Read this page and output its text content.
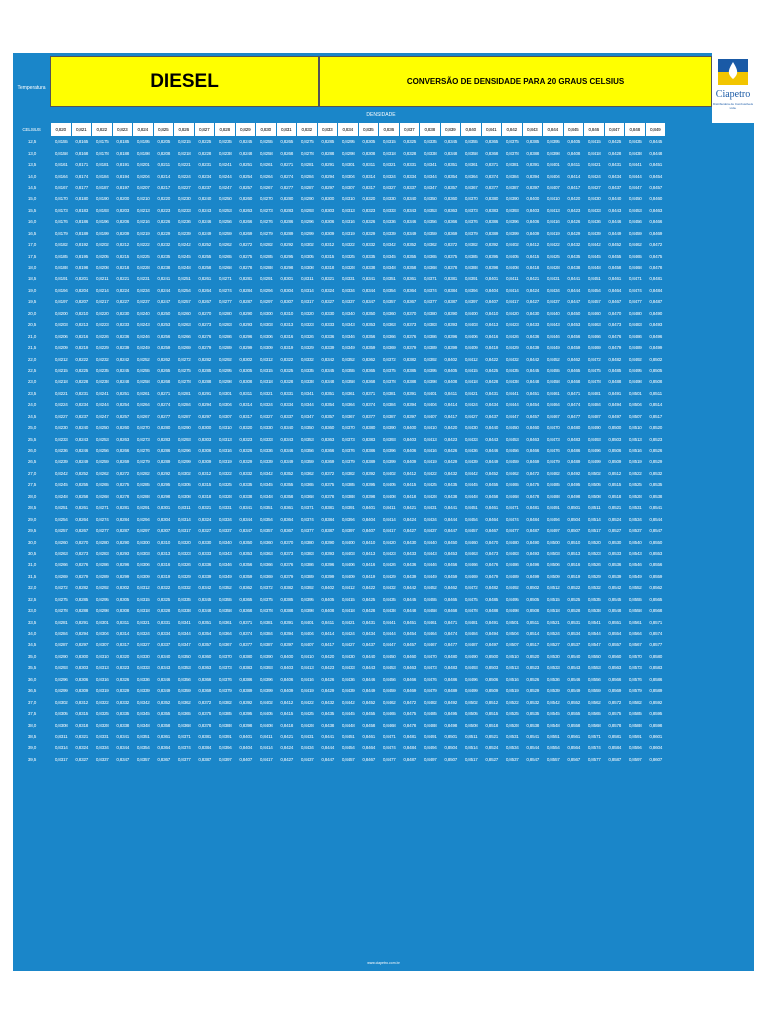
Temperatura	DIESEL	CONVERSÃO DE DENSIDADE PARA 20 GRAUS CELSIUS
Ciapetro
Distribuidora de Combustíveis Ltda.
DENSIDADE
CELSIUS	0,820	0,821	0,822	0,823	0,824	0,825	0,826	0,827	0,828	0,829	0,830	0,831	0,832	0,833	0,834	0,835	0,836	0,837	0,838	0,839	0,840	0,841	0,842	0,843	0,844	0,845	0,846	0,847	0,848	0,849
12,5	0,8155	0,8165	0,8175	0,8185	0,8195	0,8205	0,8215	0,8225	0,8235	0,8245	0,8255	0,8265	0,8275	0,8285	0,8295	0,8305	0,8315	0,8325	0,8335	0,8345	0,8355	0,8365	0,8375	0,8385	0,8395	0,8405	0,8415	0,8425	0,8435	0,8445
13,0	0,8158	0,8168	0,8178	0,8188	0,8198	0,8208	0,8218	0,8228	0,8238	0,8248	0,8258	0,8268	0,8278	0,8288	0,8298	0,8308	0,8318	0,8328	0,8338	0,8348	0,8358	0,8368	0,8378	0,8388	0,8398	0,8408	0,8418	0,8428	0,8438	0,8448
13,5	0,8161	0,8171	0,8181	0,8191	0,8201	0,8211	0,8221	0,8231	0,8241	0,8251	0,8261	0,8271	0,8281	0,8291	0,8301	0,8311	0,8321	0,8331	0,8341	0,8351	0,8361	0,8371	0,8381	0,8391	0,8401	0,8411	0,8421	0,8431	0,8441	0,8451
14,0	0,8164	0,8174	0,8184	0,8194	0,8204	0,8214	0,8224	0,8234	0,8244	0,8254	0,8264	0,8274	0,8284	0,8294	0,8304	0,8314	0,8324	0,8334	0,8344	0,8354	0,8364	0,8374	0,8384	0,8394	0,8404	0,8414	0,8424	0,8434	0,8444	0,8454
14,5	0,8167	0,8177	0,8187	0,8197	0,8207	0,8217	0,8227	0,8237	0,8247	0,8257	0,8267	0,8277	0,8287	0,8297	0,8307	0,8317	0,8327	0,8337	0,8347	0,8357	0,8367	0,8377	0,8387	0,8397	0,8407	0,8417	0,8427	0,8437	0,8447	0,8457
15,0	0,8170	0,8180	0,8190	0,8200	0,8210	0,8220	0,8230	0,8240	0,8250	0,8260	0,8270	0,8280	0,8290	0,8300	0,8310	0,8320	0,8330	0,8340	0,8350	0,8360	0,8370	0,8380	0,8390	0,8400	0,8410	0,8420	0,8430	0,8440	0,8450	0,8460
15,5	0,8173	0,8183	0,8193	0,8203	0,8213	0,8223	0,8233	0,8243	0,8253	0,8263	0,8273	0,8283	0,8293	0,8303	0,8313	0,8323	0,8333	0,8343	0,8353	0,8363	0,8373	0,8383	0,8393	0,8403	0,8413	0,8423	0,8433	0,8443	0,8453	0,8463
16,0	0,8176	0,8186	0,8196	0,8206	0,8216	0,8226	0,8236	0,8246	0,8256	0,8266	0,8276	0,8286	0,8296	0,8306	0,8316	0,8326	0,8336	0,8346	0,8356	0,8366	0,8376	0,8386	0,8396	0,8406	0,8416	0,8426	0,8436	0,8446	0,8456	0,8466
16,5	0,8179	0,8189	0,8199	0,8209	0,8219	0,8229	0,8239	0,8249	0,8259	0,8269	0,8279	0,8289	0,8299	0,8309	0,8319	0,8329	0,8339	0,8349	0,8359	0,8369	0,8379	0,8389	0,8399	0,8409	0,8419	0,8429	0,8439	0,8449	0,8459	0,8469
17,0	0,8182	0,8192	0,8202	0,8212	0,8222	0,8232	0,8242	0,8252	0,8262	0,8272	0,8282	0,8292	0,8302	0,8312	0,8322	0,8332	0,8342	0,8352	0,8362	0,8372	0,8382	0,8392	0,8402	0,8412	0,8422	0,8432	0,8442	0,8452	0,8462	0,8472
17,5	0,8185	0,8195	0,8205	0,8215	0,8225	0,8235	0,8245	0,8255	0,8265	0,8275	0,8285	0,8295	0,8305	0,8315	0,8325	0,8335	0,8345	0,8355	0,8365	0,8375	0,8385	0,8395	0,8405	0,8415	0,8425	0,8435	0,8445	0,8455	0,8465	0,8475
18,0	0,8188	0,8198	0,8208	0,8218	0,8228	0,8238	0,8248	0,8258	0,8268	0,8278	0,8288	0,8298	0,8308	0,8318	0,8328	0,8338	0,8348	0,8358	0,8368	0,8378	0,8388	0,8398	0,8408	0,8418	0,8428	0,8438	0,8448	0,8458	0,8468	0,8478
18,5	0,8191	0,8201	0,8211	0,8221	0,8231	0,8241	0,8251	0,8261	0,8271	0,8281	0,8291	0,8301	0,8311	0,8321	0,8331	0,8341	0,8351	0,8361	0,8371	0,8381	0,8391	0,8401	0,8411	0,8421	0,8431	0,8441	0,8451	0,8461	0,8471	0,8481
19,0	0,8194	0,8204	0,8214	0,8224	0,8234	0,8244	0,8254	0,8264	0,8274	0,8284	0,8294	0,8304	0,8314	0,8324	0,8334	0,8344	0,8354	0,8364	0,8374	0,8384	0,8394	0,8404	0,8414	0,8424	0,8434	0,8444	0,8454	0,8464	0,8474	0,8484
19,5	0,8197	0,8207	0,8217	0,8227	0,8237	0,8247	0,8257	0,8267	0,8277	0,8287	0,8297	0,8307	0,8317	0,8327	0,8337	0,8347	0,8357	0,8367	0,8377	0,8387	0,8397	0,8407	0,8417	0,8427	0,8437	0,8447	0,8457	0,8467	0,8477	0,8487
20,0	0,8200	0,8210	0,8220	0,8230	0,8240	0,8250	0,8260	0,8270	0,8280	0,8290	0,8300	0,8310	0,8320	0,8330	0,8340	0,8350	0,8360	0,8370	0,8380	0,8390	0,8400	0,8410	0,8420	0,8430	0,8440	0,8450	0,8460	0,8470	0,8480	0,8490
20,5	0,8203	0,8213	0,8223	0,8233	0,8243	0,8253	0,8263	0,8273	0,8283	0,8293	0,8303	0,8313	0,8323	0,8333	0,8343	0,8353	0,8363	0,8373	0,8383	0,8393	0,8403	0,8413	0,8423	0,8433	0,8443	0,8453	0,8463	0,8473	0,8483	0,8493
21,0	0,8206	0,8216	0,8226	0,8236	0,8246	0,8256	0,8266	0,8276	0,8286	0,8296	0,8306	0,8316	0,8326	0,8336	0,8346	0,8356	0,8366	0,8376	0,8386	0,8396	0,8406	0,8416	0,8426	0,8436	0,8446	0,8456	0,8466	0,8476	0,8486	0,8496
21,5	0,8209	0,8219	0,8229	0,8239	0,8249	0,8259	0,8269	0,8279	0,8289	0,8299	0,8309	0,8319	0,8329	0,8339	0,8349	0,8359	0,8369	0,8379	0,8389	0,8399	0,8409	0,8419	0,8429	0,8439	0,8449	0,8459	0,8469	0,8479	0,8489	0,8499
22,0	0,8212	0,8222	0,8232	0,8242	0,8252	0,8262	0,8272	0,8282	0,8292	0,8302	0,8312	0,8322	0,8332	0,8342	0,8352	0,8362	0,8372	0,8382	0,8392	0,8402	0,8412	0,8422	0,8432	0,8442	0,8452	0,8462	0,8472	0,8482	0,8492	0,8502
22,5	0,8215	0,8225	0,8235	0,8245	0,8255	0,8265	0,8275	0,8285	0,8295	0,8305	0,8315	0,8325	0,8335	0,8345	0,8355	0,8365	0,8375	0,8385	0,8395	0,8405	0,8415	0,8425	0,8435	0,8445	0,8455	0,8465	0,8475	0,8485	0,8495	0,8505
23,0	0,8218	0,8228	0,8238	0,8248	0,8258	0,8268	0,8278	0,8288	0,8298	0,8308	0,8318	0,8328	0,8338	0,8348	0,8358	0,8368	0,8378	0,8388	0,8398	0,8408	0,8418	0,8428	0,8438	0,8448	0,8458	0,8468	0,8478	0,8488	0,8498	0,8508
23,5	0,8221	0,8231	0,8241	0,8251	0,8261	0,8271	0,8281	0,8291	0,8301	0,8311	0,8321	0,8331	0,8341	0,8351	0,8361	0,8371	0,8381	0,8391	0,8401	0,8411	0,8421	0,8431	0,8441	0,8451	0,8461	0,8471	0,8481	0,8491	0,8501	0,8511
24,0	0,8224	0,8234	0,8244	0,8254	0,8264	0,8274	0,8284	0,8294	0,8304	0,8314	0,8324	0,8334	0,8344	0,8354	0,8364	0,8374	0,8384	0,8394	0,8404	0,8414	0,8424	0,8434	0,8444	0,8454	0,8464	0,8474	0,8484	0,8494	0,8504	0,8514
24,5	0,8227	0,8237	0,8247	0,8257	0,8267	0,8277	0,8287	0,8297	0,8307	0,8317	0,8327	0,8337	0,8347	0,8357	0,8367	0,8377	0,8387	0,8397	0,8407	0,8417	0,8427	0,8437	0,8447	0,8457	0,8467	0,8477	0,8487	0,8497	0,8507	0,8517
25,0	0,8230	0,8240	0,8250	0,8260	0,8270	0,8280	0,8290	0,8300	0,8310	0,8320	0,8330	0,8340	0,8350	0,8360	0,8370	0,8380	0,8390	0,8400	0,8410	0,8420	0,8430	0,8440	0,8450	0,8460	0,8470	0,8480	0,8490	0,8500	0,8510	0,8520
25,5	0,8233	0,8243	0,8253	0,8263	0,8273	0,8283	0,8293	0,8303	0,8313	0,8323	0,8333	0,8343	0,8353	0,8363	0,8373	0,8383	0,8393	0,8403	0,8413	0,8423	0,8433	0,8443	0,8453	0,8463	0,8473	0,8483	0,8493	0,8503	0,8513	0,8523
26,0	0,8236	0,8246	0,8256	0,8266	0,8276	0,8286	0,8296	0,8306	0,8316	0,8326	0,8336	0,8346	0,8356	0,8366	0,8376	0,8386	0,8396	0,8406	0,8416	0,8426	0,8436	0,8446	0,8456	0,8466	0,8476	0,8486	0,8496	0,8506	0,8516	0,8526
26,5	0,8239	0,8249	0,8259	0,8269	0,8279	0,8289	0,8299	0,8309	0,8319	0,8329	0,8339	0,8349	0,8359	0,8369	0,8379	0,8389	0,8399	0,8409	0,8419	0,8429	0,8439	0,8449	0,8459	0,8469	0,8479	0,8489	0,8499	0,8509	0,8519	0,8529
27,0	0,8242	0,8252	0,8262	0,8272	0,8282	0,8292	0,8302	0,8312	0,8322	0,8332	0,8342	0,8352	0,8362	0,8372	0,8382	0,8392	0,8402	0,8412	0,8422	0,8432	0,8442	0,8452	0,8462	0,8472	0,8482	0,8492	0,8502	0,8512	0,8522	0,8532
27,5	0,8245	0,8255	0,8265	0,8275	0,8285	0,8295	0,8305	0,8315	0,8325	0,8335	0,8345	0,8355	0,8365	0,8375	0,8385	0,8395	0,8405	0,8415	0,8425	0,8435	0,8445	0,8455	0,8465	0,8475	0,8485	0,8495	0,8505	0,8515	0,8525	0,8535
28,0	0,8248	0,8258	0,8268	0,8278	0,8288	0,8298	0,8308	0,8318	0,8328	0,8338	0,8348	0,8358	0,8368	0,8378	0,8388	0,8398	0,8408	0,8418	0,8428	0,8438	0,8448	0,8458	0,8468	0,8478	0,8488	0,8498	0,8508	0,8518	0,8528	0,8538
28,5	0,8251	0,8261	0,8271	0,8281	0,8291	0,8301	0,8311	0,8321	0,8331	0,8341	0,8351	0,8361	0,8371	0,8381	0,8391	0,8401	0,8411	0,8421	0,8431	0,8441	0,8451	0,8461	0,8471	0,8481	0,8491	0,8501	0,8511	0,8521	0,8531	0,8541
29,0	0,8254	0,8264	0,8274	0,8284	0,8294	0,8304	0,8314	0,8324	0,8334	0,8344	0,8354	0,8364	0,8374	0,8384	0,8394	0,8404	0,8414	0,8424	0,8434	0,8444	0,8454	0,8464	0,8474	0,8484	0,8494	0,8504	0,8514	0,8524	0,8534	0,8544
29,5	0,8257	0,8267	0,8277	0,8287	0,8297	0,8307	0,8317	0,8327	0,8337	0,8347	0,8357	0,8367	0,8377	0,8387	0,8397	0,8407	0,8417	0,8427	0,8437	0,8447	0,8457	0,8467	0,8477	0,8487	0,8497	0,8507	0,8517	0,8527	0,8537	0,8547
30,0	0,8260	0,8270	0,8280	0,8290	0,8300	0,8310	0,8320	0,8330	0,8340	0,8350	0,8360	0,8370	0,8380	0,8390	0,8400	0,8410	0,8420	0,8430	0,8440	0,8450	0,8460	0,8470	0,8480	0,8490	0,8500	0,8510	0,8520	0,8530	0,8540	0,8550
30,5	0,8263	0,8273	0,8283	0,8293	0,8303	0,8313	0,8323	0,8333	0,8343	0,8353	0,8363	0,8373	0,8383	0,8393	0,8403	0,8413	0,8423	0,8433	0,8443	0,8453	0,8463	0,8473	0,8483	0,8493	0,8503	0,8513	0,8523	0,8533	0,8543	0,8553
31,0	0,8266	0,8276	0,8286	0,8296	0,8306	0,8316	0,8326	0,8336	0,8346	0,8356	0,8366	0,8376	0,8386	0,8396	0,8406	0,8416	0,8426	0,8436	0,8446	0,8456	0,8466	0,8476	0,8486	0,8496	0,8506	0,8516	0,8526	0,8536	0,8546	0,8556
31,5	0,8269	0,8279	0,8289	0,8299	0,8309	0,8319	0,8329	0,8339	0,8349	0,8359	0,8369	0,8379	0,8389	0,8399	0,8409	0,8419	0,8429	0,8439	0,8449	0,8459	0,8469	0,8479	0,8489	0,8499	0,8509	0,8519	0,8529	0,8539	0,8549	0,8559
32,0	0,8272	0,8282	0,8292	0,8302	0,8312	0,8322	0,8332	0,8342	0,8352	0,8362	0,8372	0,8382	0,8392	0,8402	0,8412	0,8422	0,8432	0,8442	0,8452	0,8462	0,8472	0,8482	0,8492	0,8502	0,8512	0,8522	0,8532	0,8542	0,8552	0,8562
32,5	0,8275	0,8285	0,8295	0,8305	0,8315	0,8325	0,8335	0,8345	0,8355	0,8365	0,8375	0,8385	0,8395	0,8405	0,8415	0,8425	0,8435	0,8445	0,8455	0,8465	0,8475	0,8485	0,8495	0,8505	0,8515	0,8525	0,8535	0,8545	0,8555	0,8565
33,0	0,8278	0,8288	0,8298	0,8308	0,8318	0,8328	0,8338	0,8348	0,8358	0,8368	0,8378	0,8388	0,8398	0,8408	0,8418	0,8428	0,8438	0,8448	0,8458	0,8468	0,8478	0,8488	0,8498	0,8508	0,8518	0,8528	0,8538	0,8548	0,8558	0,8568
33,5	0,8281	0,8291	0,8301	0,8311	0,8321	0,8331	0,8341	0,8351	0,8361	0,8371	0,8381	0,8391	0,8401	0,8411	0,8421	0,8431	0,8441	0,8451	0,8461	0,8471	0,8481	0,8491	0,8501	0,8511	0,8521	0,8531	0,8541	0,8551	0,8561	0,8571
34,0	0,8284	0,8294	0,8304	0,8314	0,8324	0,8334	0,8344	0,8354	0,8364	0,8374	0,8384	0,8394	0,8404	0,8414	0,8424	0,8434	0,8444	0,8454	0,8464	0,8474	0,8484	0,8494	0,8504	0,8514	0,8524	0,8534	0,8544	0,8554	0,8564	0,8574
34,5	0,8287	0,8297	0,8307	0,8317	0,8327	0,8337	0,8347	0,8357	0,8367	0,8377	0,8387	0,8397	0,8407	0,8417	0,8427	0,8437	0,8447	0,8457	0,8467	0,8477	0,8487	0,8497	0,8507	0,8517	0,8527	0,8537	0,8547	0,8557	0,8567	0,8577
35,0	0,8290	0,8300	0,8310	0,8320	0,8330	0,8340	0,8350	0,8360	0,8370	0,8380	0,8390	0,8400	0,8410	0,8420	0,8430	0,8440	0,8450	0,8460	0,8470	0,8480	0,8490	0,8500	0,8510	0,8520	0,8530	0,8540	0,8550	0,8560	0,8570	0,8580
35,5	0,8293	0,8303	0,8313	0,8323	0,8333	0,8343	0,8353	0,8363	0,8373	0,8383	0,8393	0,8403	0,8413	0,8423	0,8433	0,8443	0,8453	0,8463	0,8473	0,8483	0,8493	0,8503	0,8513	0,8523	0,8533	0,8543	0,8553	0,8563	0,8573	0,8583
36,0	0,8296	0,8306	0,8316	0,8326	0,8336	0,8346	0,8356	0,8366	0,8376	0,8386	0,8396	0,8406	0,8416	0,8426	0,8436	0,8446	0,8456	0,8466	0,8476	0,8486	0,8496	0,8506	0,8516	0,8526	0,8536	0,8546	0,8556	0,8566	0,8576	0,8586
36,5	0,8299	0,8309	0,8319	0,8329	0,8339	0,8349	0,8359	0,8369	0,8379	0,8389	0,8399	0,8409	0,8419	0,8429	0,8439	0,8449	0,8459	0,8469	0,8479	0,8489	0,8499	0,8509	0,8519	0,8529	0,8539	0,8549	0,8559	0,8569	0,8579	0,8589
37,0	0,8302	0,8312	0,8322	0,8332	0,8342	0,8352	0,8362	0,8372	0,8382	0,8392	0,8402	0,8412	0,8422	0,8432	0,8442	0,8452	0,8462	0,8472	0,8482	0,8492	0,8502	0,8512	0,8522	0,8532	0,8542	0,8552	0,8562	0,8572	0,8582	0,8592
37,5	0,8305	0,8315	0,8325	0,8335	0,8345	0,8355	0,8365	0,8375	0,8385	0,8395	0,8405	0,8415	0,8425	0,8435	0,8445	0,8455	0,8465	0,8475	0,8485	0,8495	0,8505	0,8515	0,8525	0,8535	0,8545	0,8555	0,8565	0,8575	0,8585	0,8595
38,0	0,8308	0,8318	0,8328	0,8338	0,8348	0,8358	0,8368	0,8378	0,8388	0,8398	0,8408	0,8418	0,8428	0,8438	0,8448	0,8458	0,8468	0,8478	0,8488	0,8498	0,8508	0,8518	0,8528	0,8538	0,8548	0,8558	0,8568	0,8578	0,8588	0,8598
38,5	0,8311	0,8321	0,8331	0,8341	0,8351	0,8361	0,8371	0,8381	0,8391	0,8401	0,8411	0,8421	0,8431	0,8441	0,8451	0,8461	0,8471	0,8481	0,8491	0,8501	0,8511	0,8521	0,8531	0,8541	0,8551	0,8561	0,8571	0,8581	0,8591	0,8601
39,0	0,8314	0,8324	0,8334	0,8344	0,8354	0,8364	0,8374	0,8384	0,8394	0,8404	0,8414	0,8424	0,8434	0,8444	0,8454	0,8464	0,8474	0,8484	0,8494	0,8504	0,8514	0,8524	0,8534	0,8544	0,8554	0,8564	0,8574	0,8584	0,8594	0,8604
39,5	0,8317	0,8327	0,8337	0,8347	0,8357	0,8367	0,8377	0,8387	0,8397	0,8407	0,8417	0,8427	0,8437	0,8447	0,8457	0,8467	0,8477	0,8487	0,8497	0,8507	0,8517	0,8527	0,8537	0,8547	0,8557	0,8567	0,8577	0,8587	0,8597	0,8607
www.ciapetro.com.br
